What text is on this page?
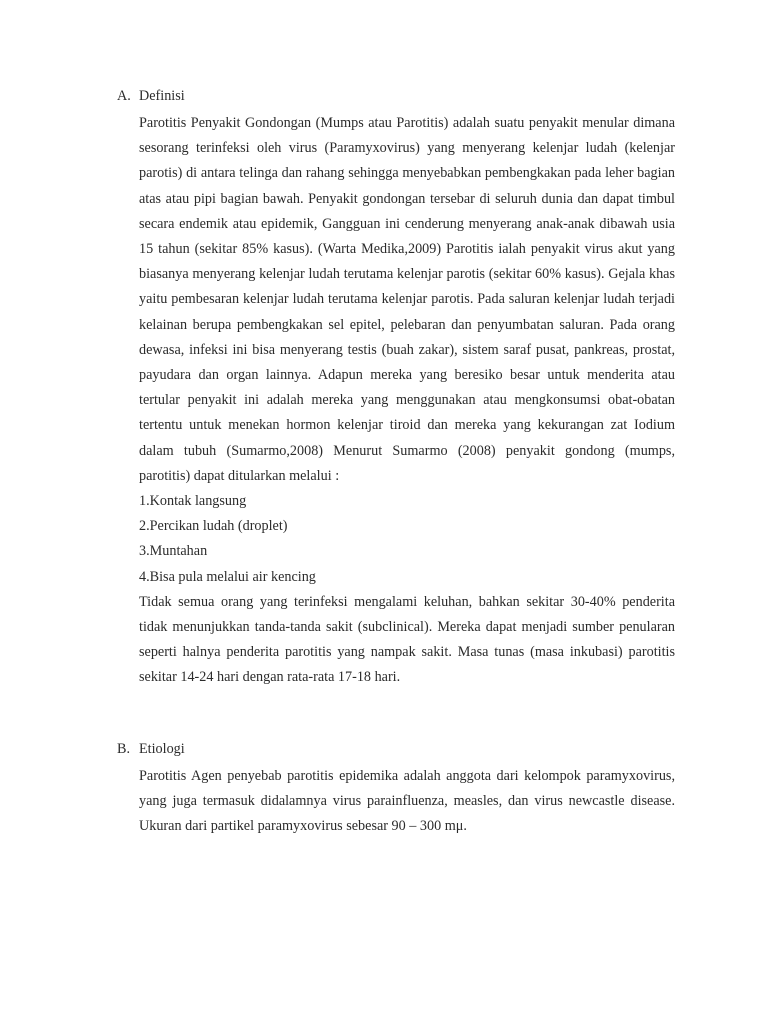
A. Definisi

Parotitis Penyakit Gondongan (Mumps atau Parotitis) adalah suatu penyakit menular dimana sesorang terinfeksi oleh virus (Paramyxovirus) yang menyerang kelenjar ludah (kelenjar parotis) di antara telinga dan rahang sehingga menyebabkan pembengkakan pada leher bagian atas atau pipi bagian bawah. Penyakit gondongan tersebar di seluruh dunia dan dapat timbul secara endemik atau epidemik, Gangguan ini cenderung menyerang anak-anak dibawah usia 15 tahun (sekitar 85% kasus). (Warta Medika,2009) Parotitis ialah penyakit virus akut yang biasanya menyerang kelenjar ludah terutama kelenjar parotis (sekitar 60% kasus). Gejala khas yaitu pembesaran kelenjar ludah terutama kelenjar parotis. Pada saluran kelenjar ludah terjadi kelainan berupa pembengkakan sel epitel, pelebaran dan penyumbatan saluran. Pada orang dewasa, infeksi ini bisa menyerang testis (buah zakar), sistem saraf pusat, pankreas, prostat, payudara dan organ lainnya. Adapun mereka yang beresiko besar untuk menderita atau tertular penyakit ini adalah mereka yang menggunakan atau mengkonsumsi obat-obatan tertentu untuk menekan hormon kelenjar tiroid dan mereka yang kekurangan zat Iodium dalam tubuh (Sumarmo,2008) Menurut Sumarmo (2008) penyakit gondong (mumps, parotitis) dapat ditularkan melalui :

1.Kontak langsung

2.Percikan ludah (droplet)

3.Muntahan

4.Bisa pula melalui air kencing

Tidak semua orang yang terinfeksi mengalami keluhan, bahkan sekitar 30-40% penderita tidak menunjukkan tanda-tanda sakit (subclinical). Mereka dapat menjadi sumber penularan seperti halnya penderita parotitis yang nampak sakit. Masa tunas (masa inkubasi) parotitis sekitar 14-24 hari dengan rata-rata 17-18 hari.

B. Etiologi

Parotitis Agen penyebab parotitis epidemika adalah anggota dari kelompok paramyxovirus, yang juga termasuk didalamnya virus parainfluenza, measles, dan virus newcastle disease. Ukuran dari partikel paramyxovirus sebesar 90 – 300 mμ.
